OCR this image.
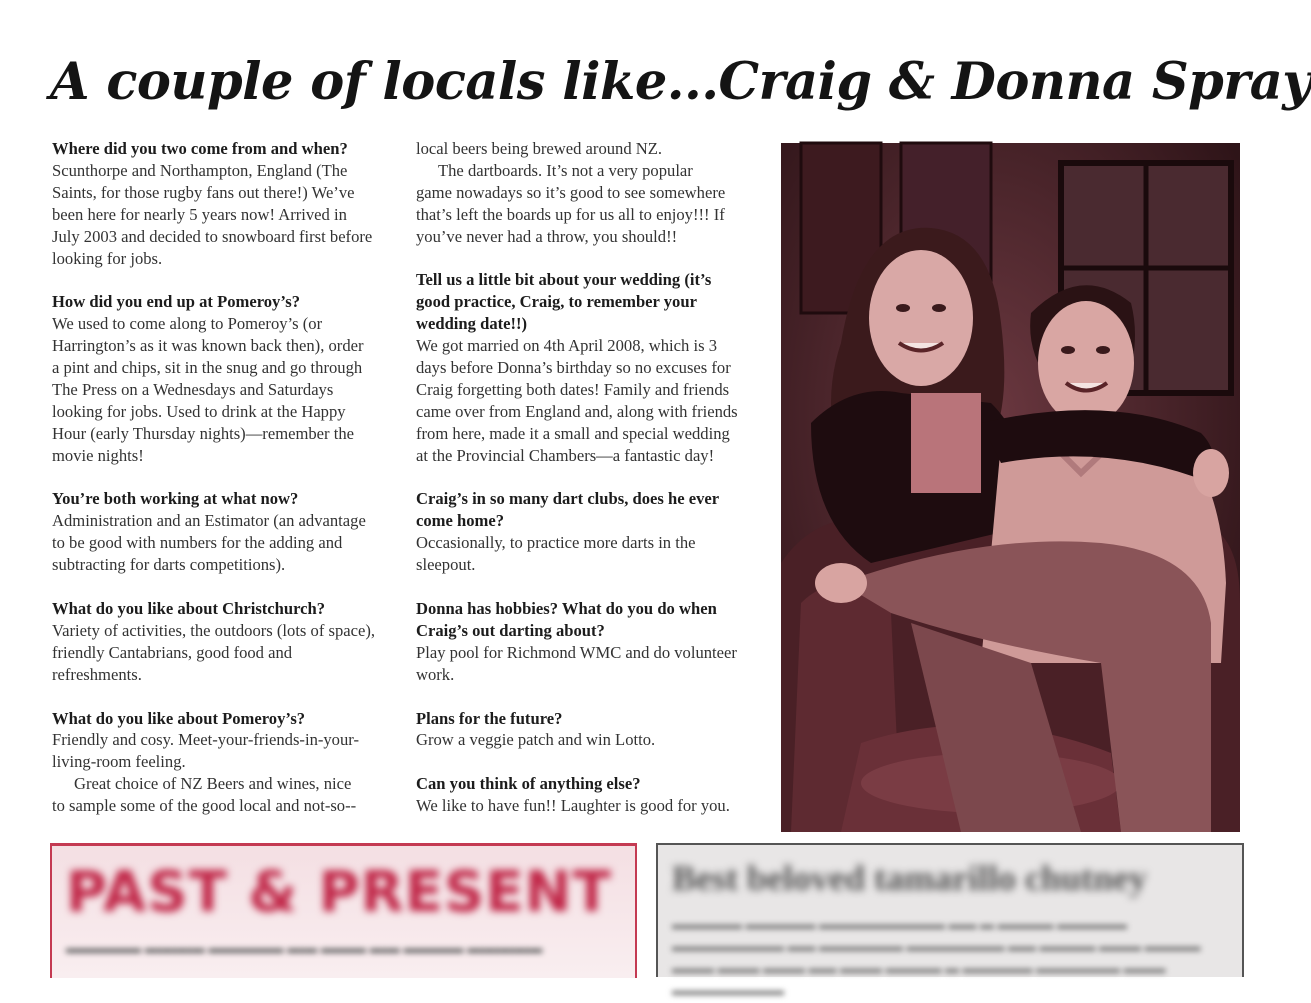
A couple of locals like...Craig & Donna Spray

Where did you two come from and when?

Scunthorpe and Northampton, England (The

Saints, for those rugby fans out there!) We’ve

been here for nearly 5 years now! Arrived in

July 2003 and decided to snowboard first before

looking for jobs.

How did you end up at Pomeroy’s?

We used to come along to Pomeroy’s (or

Harrington’s as it was known back then), order

a pint and chips, sit in the snug and go through

The Press on a Wednesdays and Saturdays

looking for jobs. Used to drink at the Happy

Hour (early Thursday nights)—remember the

movie nights!

You’re both working at what now?

Administration and an Estimator (an advantage

to be good with numbers for the adding and

subtracting for darts competitions).

What do you like about Christchurch?

Variety of activities, the outdoors (lots of space),

friendly Cantabrians, good food and

refreshments.

What do you like about Pomeroy’s?

Friendly and cosy. Meet-your-friends-in-your-

living-room feeling.

Great choice of NZ Beers and wines, nice

to sample some of the good local and not-so--

local beers being brewed around NZ.

The dartboards. It’s not a very popular

game nowadays so it’s good to see somewhere

that’s left the boards up for us all to enjoy!!! If

you’ve never had a throw, you should!!

Tell us a little bit about your wedding (it’s

good practice, Craig, to remember your

wedding date!!)

We got married on 4th April 2008, which is 3

days before Donna’s birthday so no excuses for

Craig forgetting both dates! Family and friends

came over from England and, along with friends

from here, made it a small and special wedding

at the Provincial Chambers—a fantastic day!

Craig’s in so many dart clubs, does he ever

come home?

Occasionally, to practice more darts in the

sleepout.

Donna has hobbies? What do you do when

Craig’s out darting about?

Play pool for Richmond WMC and do volunteer

work.

Plans for the future?

Grow a veggie patch and win Lotto.

Can you think of anything else?

We like to have fun!! Laughter is good for you.

PAST & PRESENT
▬▬▬▬▬ ▬▬▬▬ ▬▬▬▬▬ ▬▬ ▬▬▬ ▬▬ ▬▬▬▬ ▬▬▬▬▬
Best beloved tamarillo chutney
▬▬▬▬▬ ▬▬▬▬▬ ▬▬▬▬▬▬▬▬▬ ▬▬ ▬ ▬▬▬▬ ▬▬▬▬▬ ▬▬▬▬▬▬▬▬ ▬▬ ▬▬▬▬▬▬ ▬▬▬▬▬▬▬ ▬▬ ▬▬▬▬ ▬▬▬ ▬▬▬▬ ▬▬▬ ▬▬▬ ▬▬▬ ▬▬ ▬▬▬ ▬▬▬▬ ▬ ▬▬▬▬▬ ▬▬▬▬▬▬ ▬▬▬ ▬▬▬▬▬▬▬▬
